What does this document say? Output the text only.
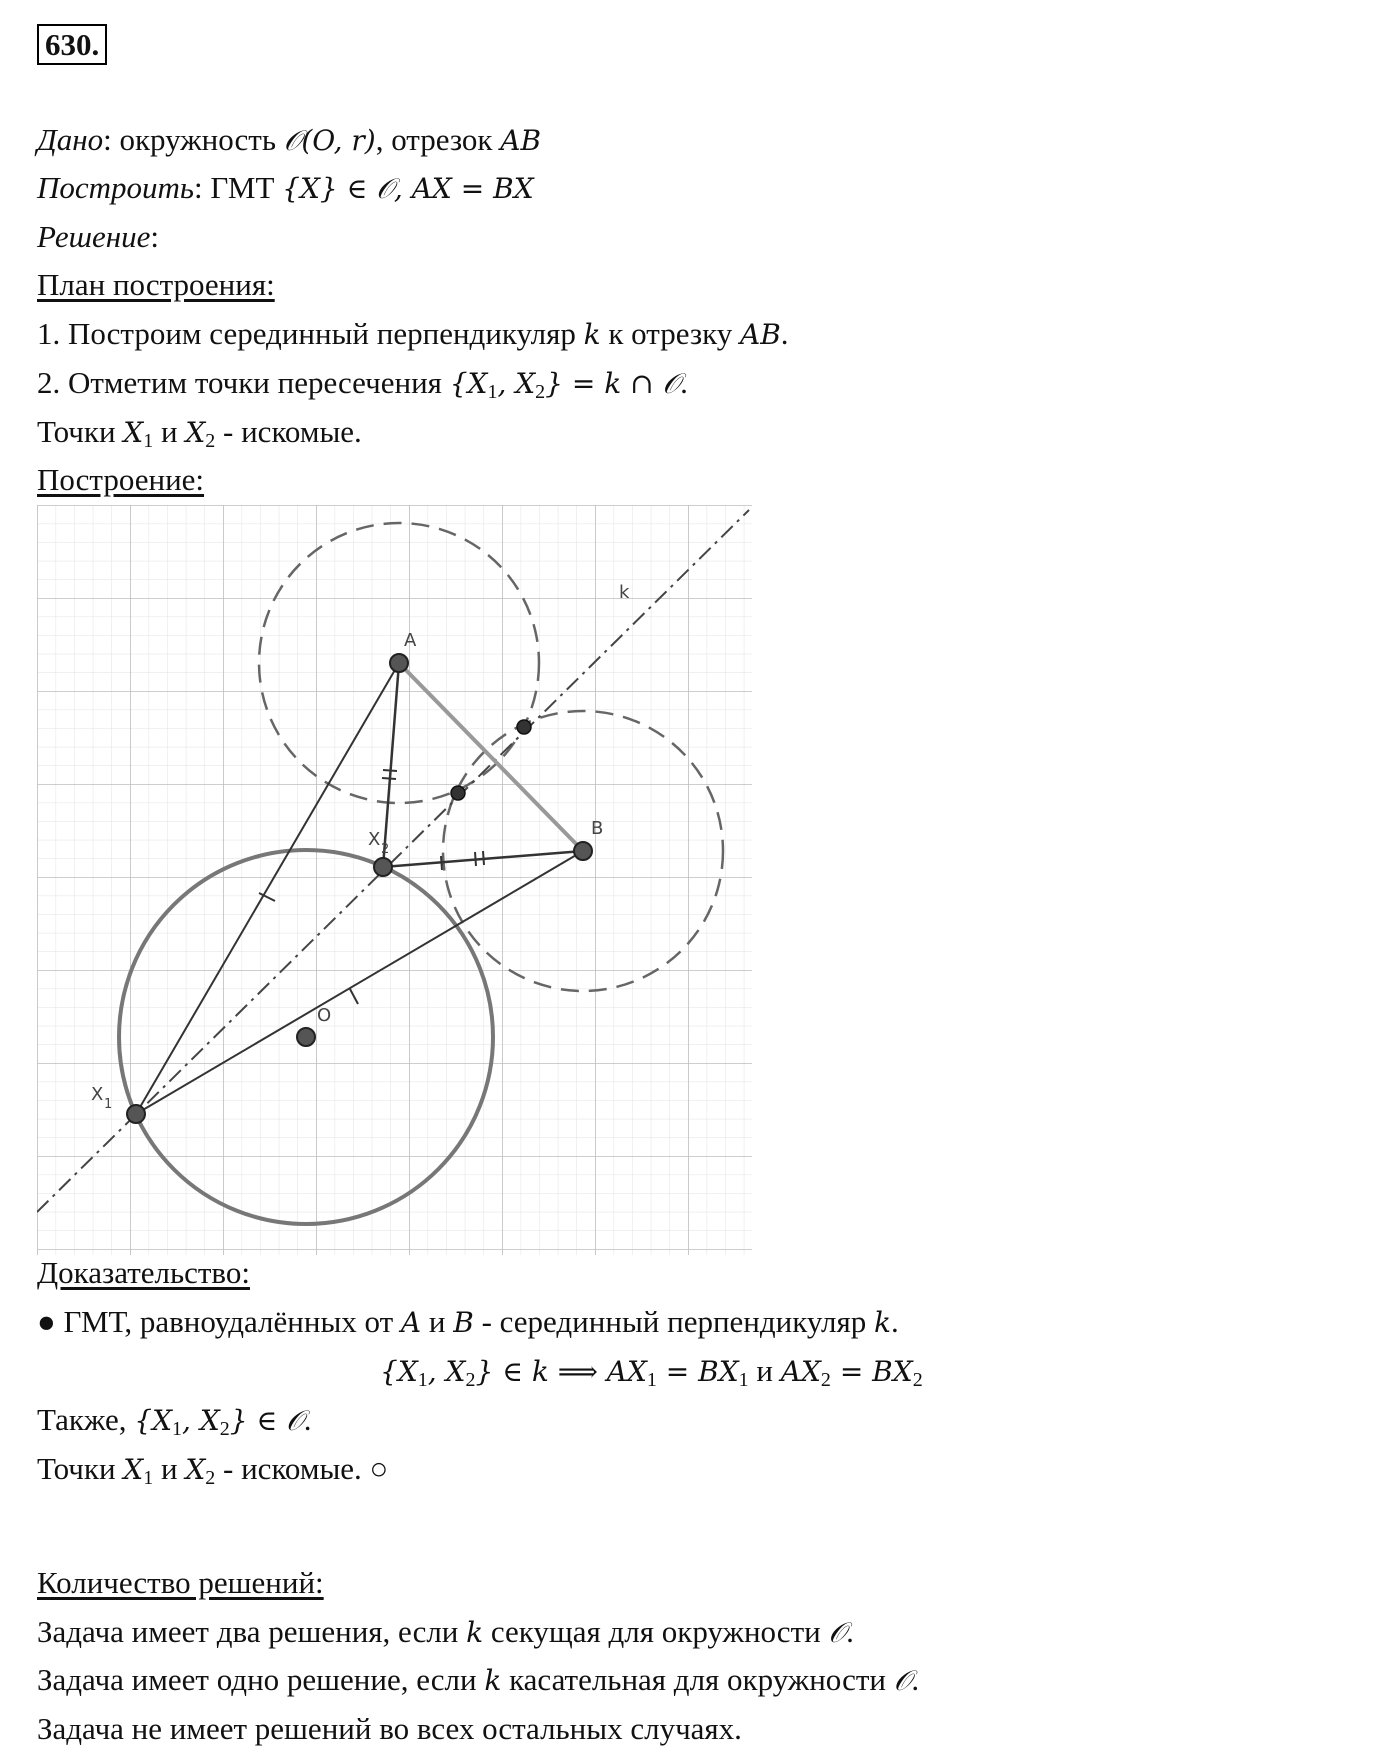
630.
Дано: окружность 𝒪(O, r), отрезок AB
Построить: ГМТ {X} ∈ 𝒪, AX = BX
Решение:
План построения:
1. Построим серединный перпендикуляр k к отрезку AB.
2. Отметим точки пересечения {$X_1$, $X_2\} = k$ ∩ 𝒪.
Точки $X_1$ и $X_2$ - искомые.
Построение:
A
B
O
k
X 1
X 2
Доказательство:
● ГМТ, равноудалённых от A и B - серединный перпендикуляр k.
{$X_1$, $X_2$} ∈ k ⟹ $AX_1 = BX_1$ и $AX_2 = BX_2$
Также, {$X_1$, $X_2$} ∈ 𝒪.
Точки $X_1$ и $X_2$ - искомые. ○
Количество решений:
Задача имеет два решения, если k секущая для окружности 𝒪.
Задача имеет одно решение, если k касательная для окружности 𝒪.
Задача не имеет решений во всех остальных случаях.
